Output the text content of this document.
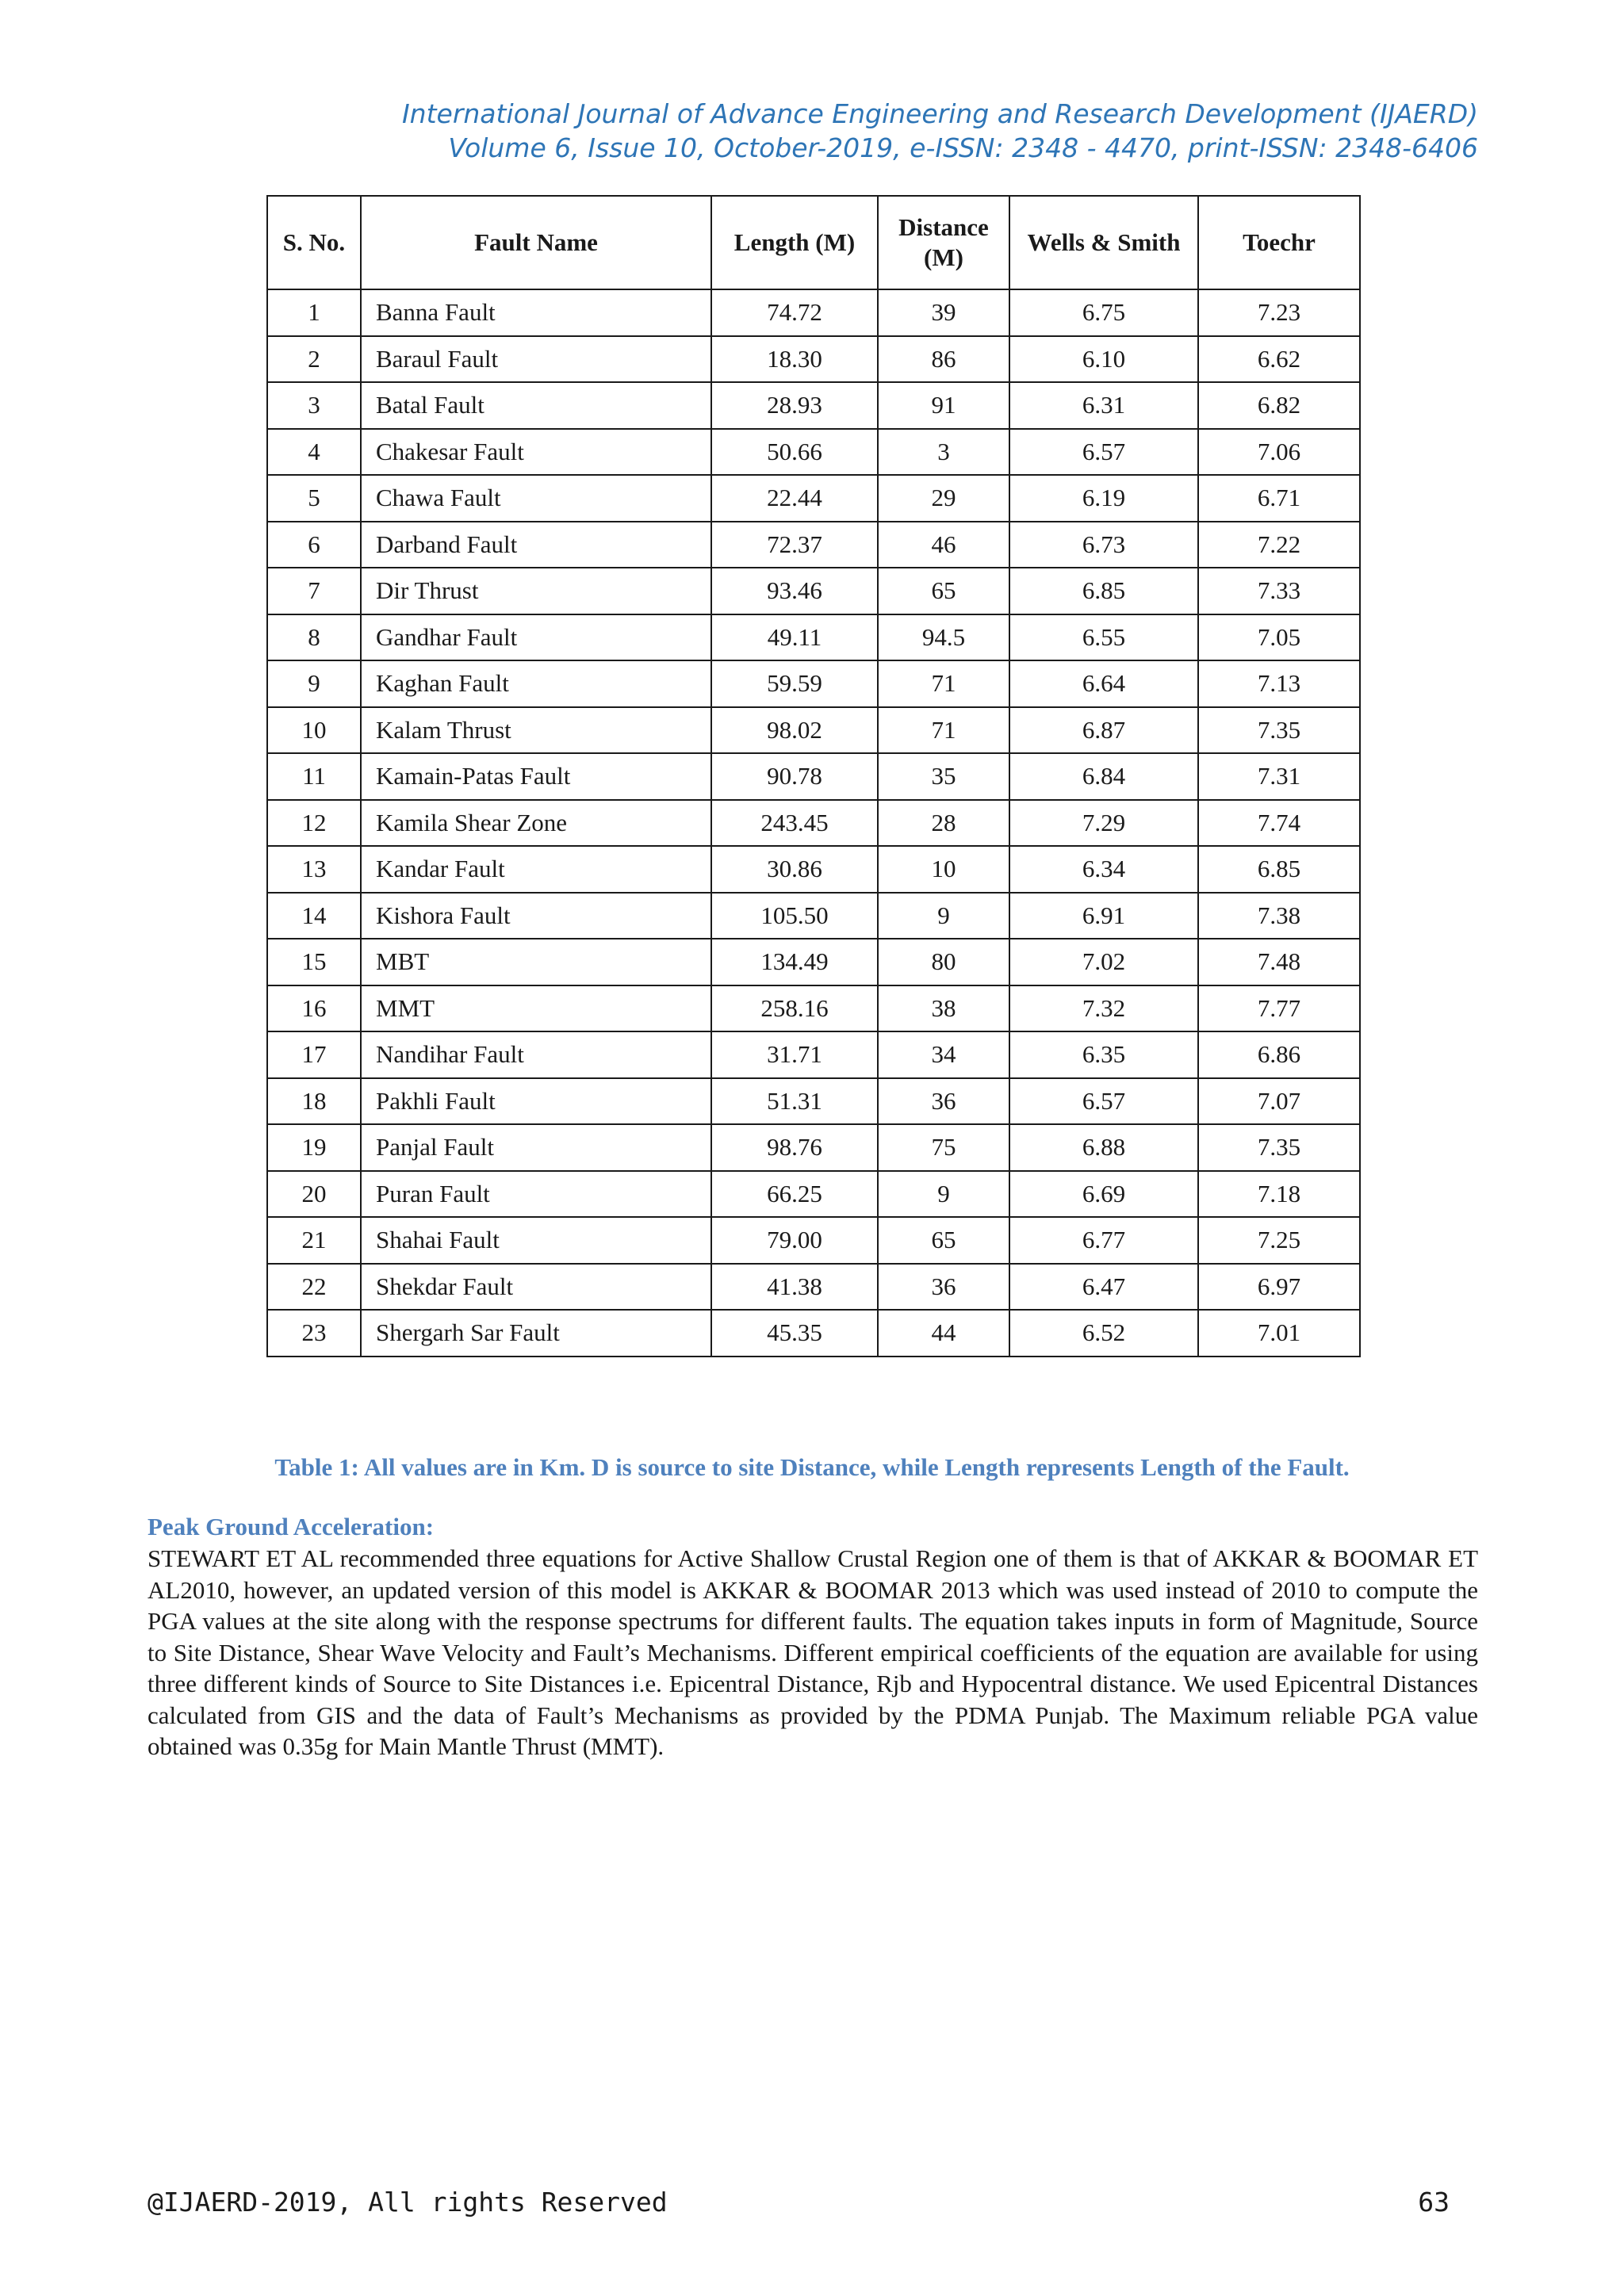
International Journal of Advance Engineering and Research Development (IJAERD)
Volume 6, Issue 10, October-2019, e-ISSN: 2348 - 4470, print-ISSN: 2348-6406
S. No.	Fault Name	Length (M)	Distance (M)	Wells & Smith	Toechr
1	Banna Fault	74.72	39	6.75	7.23
2	Baraul Fault	18.30	86	6.10	6.62
3	Batal Fault	28.93	91	6.31	6.82
4	Chakesar Fault	50.66	3	6.57	7.06
5	Chawa Fault	22.44	29	6.19	6.71
6	Darband Fault	72.37	46	6.73	7.22
7	Dir Thrust	93.46	65	6.85	7.33
8	Gandhar Fault	49.11	94.5	6.55	7.05
9	Kaghan Fault	59.59	71	6.64	7.13
10	Kalam Thrust	98.02	71	6.87	7.35
11	Kamain-Patas Fault	90.78	35	6.84	7.31
12	Kamila Shear Zone	243.45	28	7.29	7.74
13	Kandar Fault	30.86	10	6.34	6.85
14	Kishora Fault	105.50	9	6.91	7.38
15	MBT	134.49	80	7.02	7.48
16	MMT	258.16	38	7.32	7.77
17	Nandihar Fault	31.71	34	6.35	6.86
18	Pakhli Fault	51.31	36	6.57	7.07
19	Panjal Fault	98.76	75	6.88	7.35
20	Puran Fault	66.25	9	6.69	7.18
21	Shahai Fault	79.00	65	6.77	7.25
22	Shekdar Fault	41.38	36	6.47	6.97
23	Shergarh Sar Fault	45.35	44	6.52	7.01
Table 1: All values are in Km. D is source to site Distance, while Length represents Length of the Fault.
Peak Ground Acceleration:

STEWART ET AL recommended three equations for Active Shallow Crustal Region one of them is that of AKKAR & BOOMAR ET AL2010, however, an updated version of this model is AKKAR & BOOMAR 2013 which was used instead of 2010 to compute the PGA values at the site along with the response spectrums for different faults. The equation takes inputs in form of Magnitude, Source to Site Distance, Shear Wave Velocity and Fault’s Mechanisms. Different empirical coefficients of the equation are available for using three different kinds of Source to Site Distances i.e. Epicentral Distance, Rjb and Hypocentral distance. We used Epicentral Distances calculated from GIS and the data of Fault’s Mechanisms as provided by the PDMA Punjab. The Maximum reliable PGA value obtained was 0.35g for Main Mantle Thrust (MMT).

@IJAERD-2019, All rights Reserved	63
